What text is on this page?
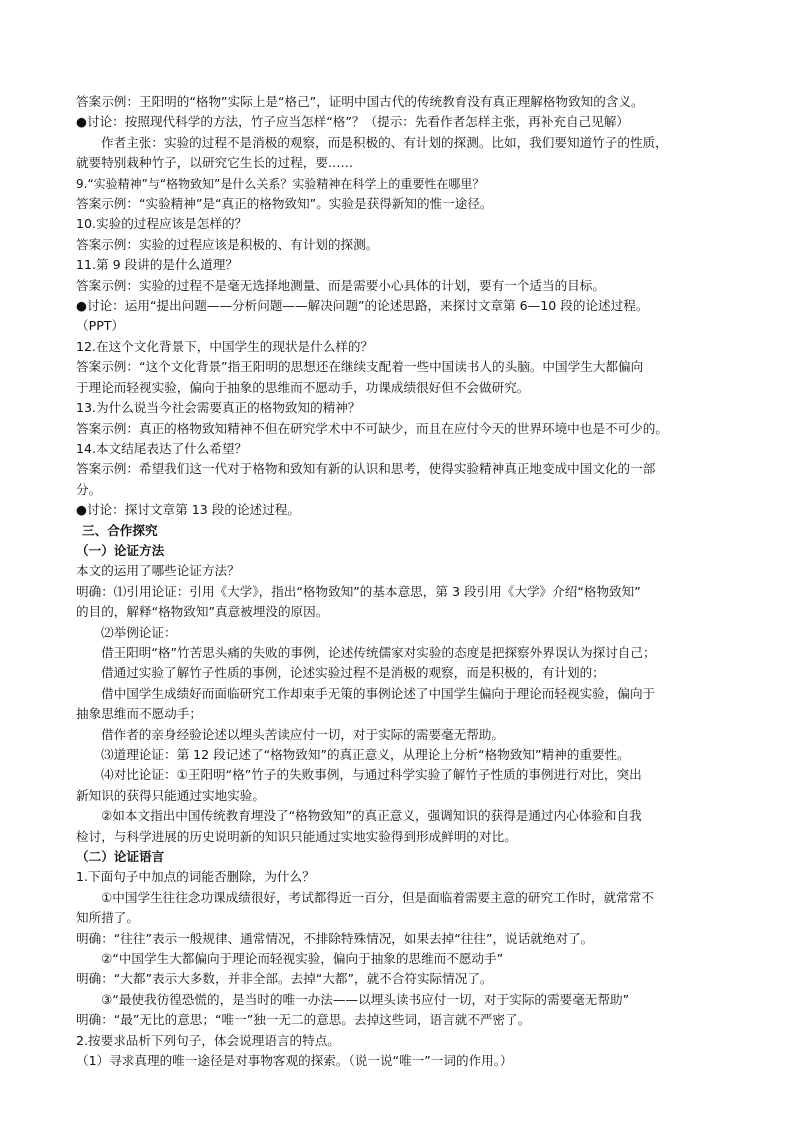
答案示例：王阳明的“格物”实际上是“格己”，证明中国古代的传统教育没有真正理解格物致知的含义。
●讨论：按照现代科学的方法，竹子应当怎样“格”？（提示：先看作者怎样主张，再补充自己见解）
作者主张：实验的过程不是消极的观察，而是积极的、有计划的探测。比如，我们要知道竹子的性质，
就要特别栽种竹子，以研究它生长的过程，要……
9.“实验精神”与“格物致知”是什么关系？实验精神在科学上的重要性在哪里？
答案示例：“实验精神”是“真正的格物致知”。实验是获得新知的惟一途径。
10.实验的过程应该是怎样的？
答案示例：实验的过程应该是积极的、有计划的探测。
11.第 9 段讲的是什么道理？
答案示例：实验的过程不是毫无选择地测量、而是需要小心具体的计划，要有一个适当的目标。
●讨论：运用“提出问题——分析问题——解决问题”的论述思路，来探讨文章第 6—10 段的论述过程。
（PPT）
12.在这个文化背景下，中国学生的现状是什么样的？
答案示例：“这个文化背景”指王阳明的思想还在继续支配着一些中国读书人的头脑。中国学生大都偏向
于理论而轻视实验，偏向于抽象的思维而不愿动手，功课成绩很好但不会做研究。
13.为什么说当今社会需要真正的格物致知的精神？
答案示例：真正的格物致知精神不但在研究学术中不可缺少，而且在应付今天的世界环境中也是不可少的。
14.本文结尾表达了什么希望？
答案示例：希望我们这一代对于格物和致知有新的认识和思考，使得实验精神真正地变成中国文化的一部
分。
●讨论：探讨文章第 13 段的论述过程。
三、合作探究
（一）论证方法
本文的运用了哪些论证方法？
明确：⑴引用论证：引用《大学》，指出“格物致知”的基本意思，第 3 段引用《大学》介绍“格物致知”
的目的，解释“格物致知”真意被埋没的原因。
⑵举例论证：
借王阳明“格”竹苦思头痛的失败的事例，论述传统儒家对实验的态度是把探察外界误认为探讨自己；
借通过实验了解竹子性质的事例，论述实验过程不是消极的观察，而是积极的，有计划的；
借中国学生成绩好而面临研究工作却束手无策的事例论述了中国学生偏向于理论而轻视实验，偏向于
抽象思维而不愿动手；
借作者的亲身经验论述以埋头苦读应付一切，对于实际的需要毫无帮助。
⑶道理论证：第 12 段记述了“格物致知”的真正意义，从理论上分析“格物致知”精神的重要性。
⑷对比论证：①王阳明“格”竹子的失败事例，与通过科学实验了解竹子性质的事例进行对比，突出
新知识的获得只能通过实地实验。
②如本文指出中国传统教育埋没了“格物致知”的真正意义，强调知识的获得是通过内心体验和自我
检讨，与科学进展的历史说明新的知识只能通过实地实验得到形成鲜明的对比。
（二）论证语言
1.下面句子中加点的词能否删除，为什么？
①中国学生往往念功课成绩很好，考试都得近一百分，但是面临着需要主意的研究工作时，就常常不
知所措了。
明确：“往往”表示一般规律、通常情况，不排除特殊情况，如果去掉“往往”，说话就绝对了。
②“中国学生大都偏向于理论而轻视实验，偏向于抽象的思维而不愿动手”
明确：“大都”表示大多数，并非全部。去掉“大都”，就不合符实际情况了。
③“最使我彷徨恐慌的，是当时的唯一办法——以埋头读书应付一切，对于实际的需要毫无帮助”
明确：“最”无比的意思；“唯一”独一无二的意思。去掉这些词，语言就不严密了。
2.按要求品析下列句子，体会说理语言的特点。
（1）寻求真理的唯一途径是对事物客观的探索。（说一说“唯一”一词的作用。）
